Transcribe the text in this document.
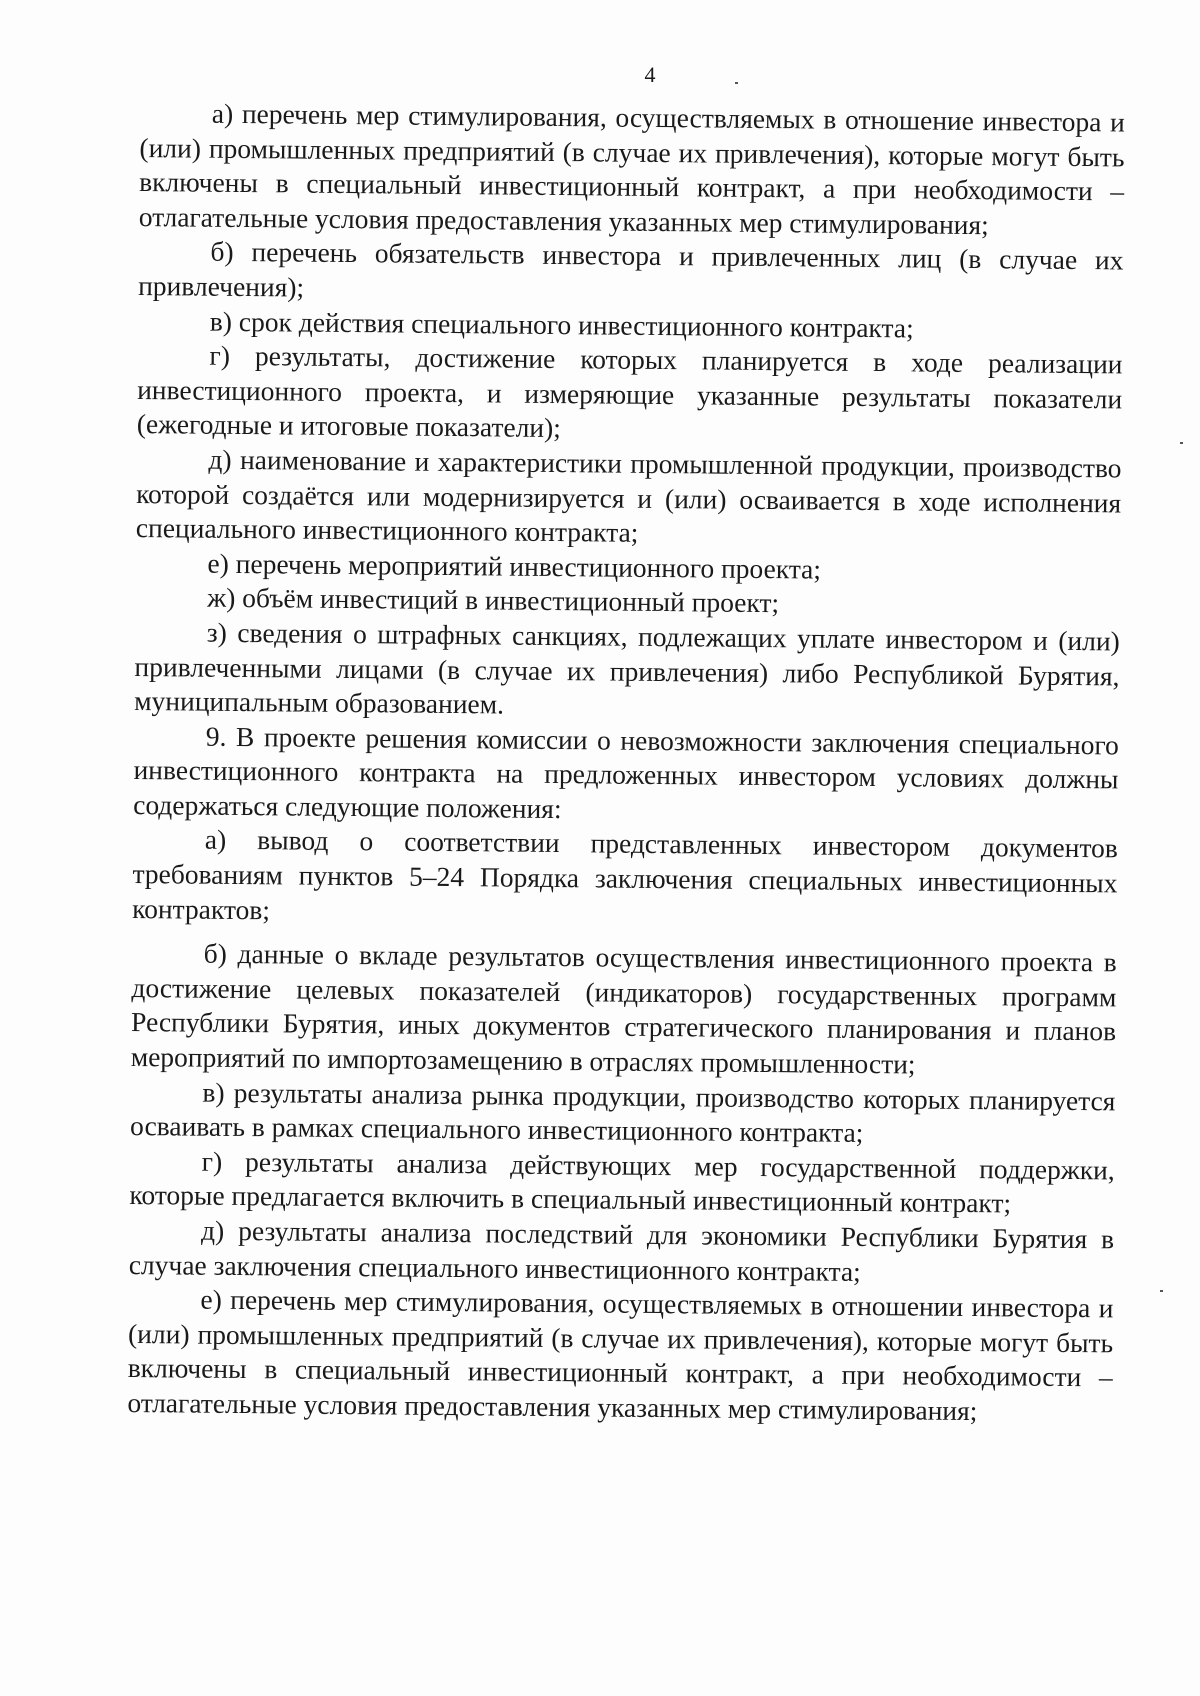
4

а) перечень мер стимулирования, осуществляемых в отношение инвестора и (или) промышленных предприятий (в случае их привлечения), которые могут быть включены в специальный инвестиционный контракт, а при необходимости – отлагательные условия предоставления указанных мер стимулирования;

б) перечень обязательств инвестора и привлеченных лиц (в случае их привлечения);

в) срок действия специального инвестиционного контракта;

г) результаты, достижение которых планируется в ходе реализации инвестиционного проекта, и измеряющие указанные результаты показатели (ежегодные и итоговые показатели);

д) наименование и характеристики промышленной продукции, производство которой создаётся или модернизируется и (или) осваивается в ходе исполнения специального инвестиционного контракта;

е) перечень мероприятий инвестиционного проекта;

ж) объём инвестиций в инвестиционный проект;

з) сведения о штрафных санкциях, подлежащих уплате инвестором и (или) привлеченными лицами (в случае их привлечения) либо Республикой Бурятия, муниципальным образованием.

9. В проекте решения комиссии о невозможности заключения специального инвестиционного контракта на предложенных инвестором условиях должны содержаться следующие положения:

а) вывод о соответствии представленных инвестором документов требованиям пунктов 5–24 Порядка заключения специальных инвестиционных контрактов;

б) данные о вкладе результатов осуществления инвестиционного проекта в достижение целевых показателей (индикаторов) государственных программ Республики Бурятия, иных документов стратегического планирования и планов мероприятий по импортозамещению в отраслях промышленности;

в) результаты анализа рынка продукции, производство которых планируется осваивать в рамках специального инвестиционного контракта;

г) результаты анализа действующих мер государственной поддержки, которые предлагается включить в специальный инвестиционный контракт;

д) результаты анализа последствий для экономики Республики Бурятия в случае заключения специального инвестиционного контракта;

е) перечень мер стимулирования, осуществляемых в отношении инвестора и (или) промышленных предприятий (в случае их привлечения), которые могут быть включены в специальный инвестиционный контракт, а при необходимости – отлагательные условия предоставления указанных мер стимулирования;
